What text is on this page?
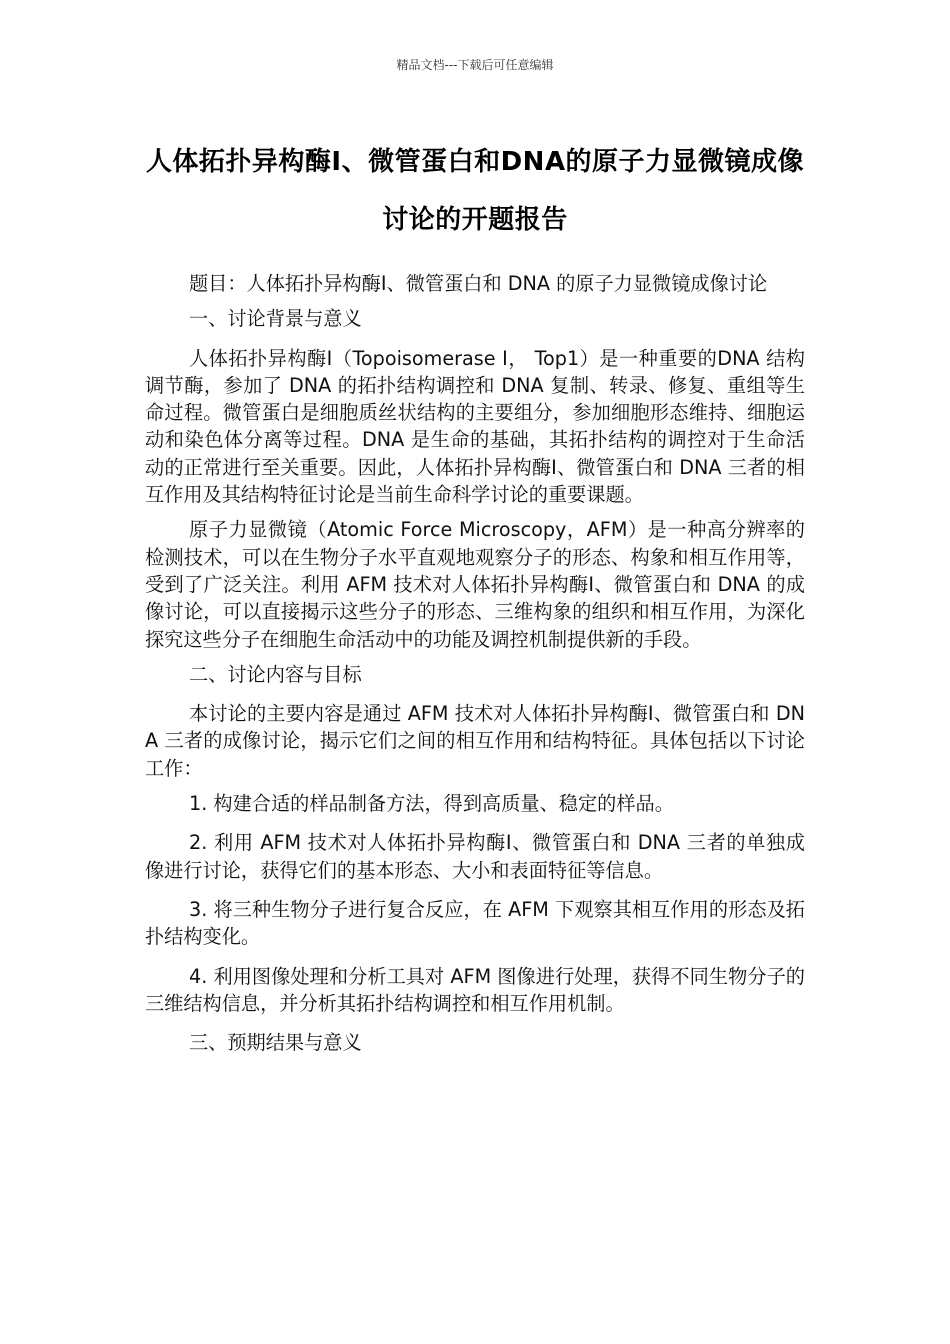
精品文档---下载后可任意编辑
人体拓扑异构酶Ⅰ、微管蛋白和DNA的原子力显微镜成像讨论的开题报告

题目：人体拓扑异构酶Ⅰ、微管蛋白和 DNA 的原子力显微镜成像讨论

一、讨论背景与意义

人体拓扑异构酶Ⅰ（Topoisomerase I， Top1）是一种重要的DNA 结构调节酶，参加了 DNA 的拓扑结构调控和 DNA 复制、转录、修复、重组等生命过程。微管蛋白是细胞质丝状结构的主要组分，参加细胞形态维持、细胞运动和染色体分离等过程。DNA 是生命的基础，其拓扑结构的调控对于生命活动的正常进行至关重要。因此，人体拓扑异构酶Ⅰ、微管蛋白和 DNA 三者的相互作用及其结构特征讨论是当前生命科学讨论的重要课题。

原子力显微镜（Atomic Force Microscopy，AFM）是一种高分辨率的检测技术，可以在生物分子水平直观地观察分子的形态、构象和相互作用等，受到了广泛关注。利用 AFM 技术对人体拓扑异构酶Ⅰ、微管蛋白和 DNA 的成像讨论，可以直接揭示这些分子的形态、三维构象的组织和相互作用，为深化探究这些分子在细胞生命活动中的功能及调控机制提供新的手段。

二、讨论内容与目标

本讨论的主要内容是通过 AFM 技术对人体拓扑异构酶Ⅰ、微管蛋白和 DNA 三者的成像讨论，揭示它们之间的相互作用和结构特征。具体包括以下讨论工作：

1. 构建合适的样品制备方法，得到高质量、稳定的样品。

2. 利用 AFM 技术对人体拓扑异构酶Ⅰ、微管蛋白和 DNA 三者的单独成像进行讨论，获得它们的基本形态、大小和表面特征等信息。

3. 将三种生物分子进行复合反应，在 AFM 下观察其相互作用的形态及拓扑结构变化。

4. 利用图像处理和分析工具对 AFM 图像进行处理，获得不同生物分子的三维结构信息，并分析其拓扑结构调控和相互作用机制。

三、预期结果与意义
